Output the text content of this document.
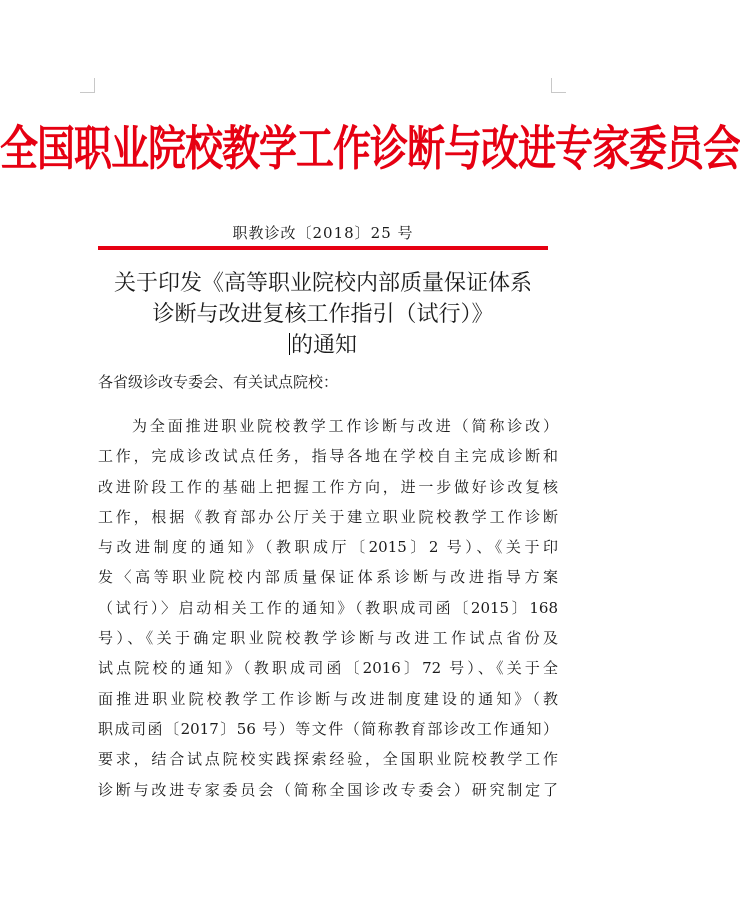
全国职业院校教学工作诊断与改进专家委员会
职教诊改〔2018〕25 号
关于印发《高等职业院校内部质量保证体系
诊断与改进复核工作指引（试行）》
的通知
各省级诊改专委会、有关试点院校：
为全面推进职业院校教学工作诊断与改进（简称诊改）
工作，完成诊改试点任务，指导各地在学校自主完成诊断和
改进阶段工作的基础上把握工作方向，进一步做好诊改复核
工作，根据《教育部办公厅关于建立职业院校教学工作诊断
与改进制度的通知》（教职成厅〔2015〕2 号）、《关于印
发〈高等职业院校内部质量保证体系诊断与改进指导方案
（试行）〉启动相关工作的通知》（教职成司函〔2015〕168
号）、《关于确定职业院校教学诊断与改进工作试点省份及
试点院校的通知》（教职成司函〔2016〕72 号）、《关于全
面推进职业院校教学工作诊断与改进制度建设的通知》（教
职成司函〔2017〕56 号）等文件（简称教育部诊改工作通知）
要求，结合试点院校实践探索经验，全国职业院校教学工作
诊断与改进专家委员会（简称全国诊改专委会）研究制定了
